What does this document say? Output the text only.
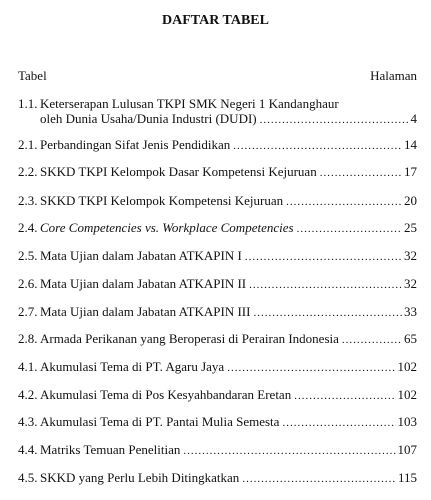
DAFTAR TABEL
Tabel	Halaman
1.1. Keterserapan Lulusan TKPI SMK Negeri 1 Kandanghaur
oleh Dunia Usaha/Dunia Industri (DUDI) .....	4
2.1. Perbandingan Sifat Jenis Pendidikan .....	14
2.2. SKKD TKPI Kelompok Dasar Kompetensi Kejuruan .....	17
2.3. SKKD TKPI Kelompok Kompetensi Kejuruan .....	20
2.4. Core Competencies vs. Workplace Competencies .....	25
2.5. Mata Ujian dalam Jabatan ATKAPIN I .....	32
2.6. Mata Ujian dalam Jabatan ATKAPIN II .....	32
2.7. Mata Ujian dalam Jabatan ATKAPIN III .....	33
2.8. Armada Perikanan yang Beroperasi di Perairan Indonesia .....	65
4.1. Akumulasi Tema di PT. Agaru Jaya .....	102
4.2. Akumulasi Tema di Pos Kesyahbandaran Eretan .....	102
4.3. Akumulasi Tema di PT. Pantai Mulia Semesta .....	103
4.4. Matriks Temuan Penelitian .....	107
4.5. SKKD yang Perlu Lebih Ditingkatkan .....	115
